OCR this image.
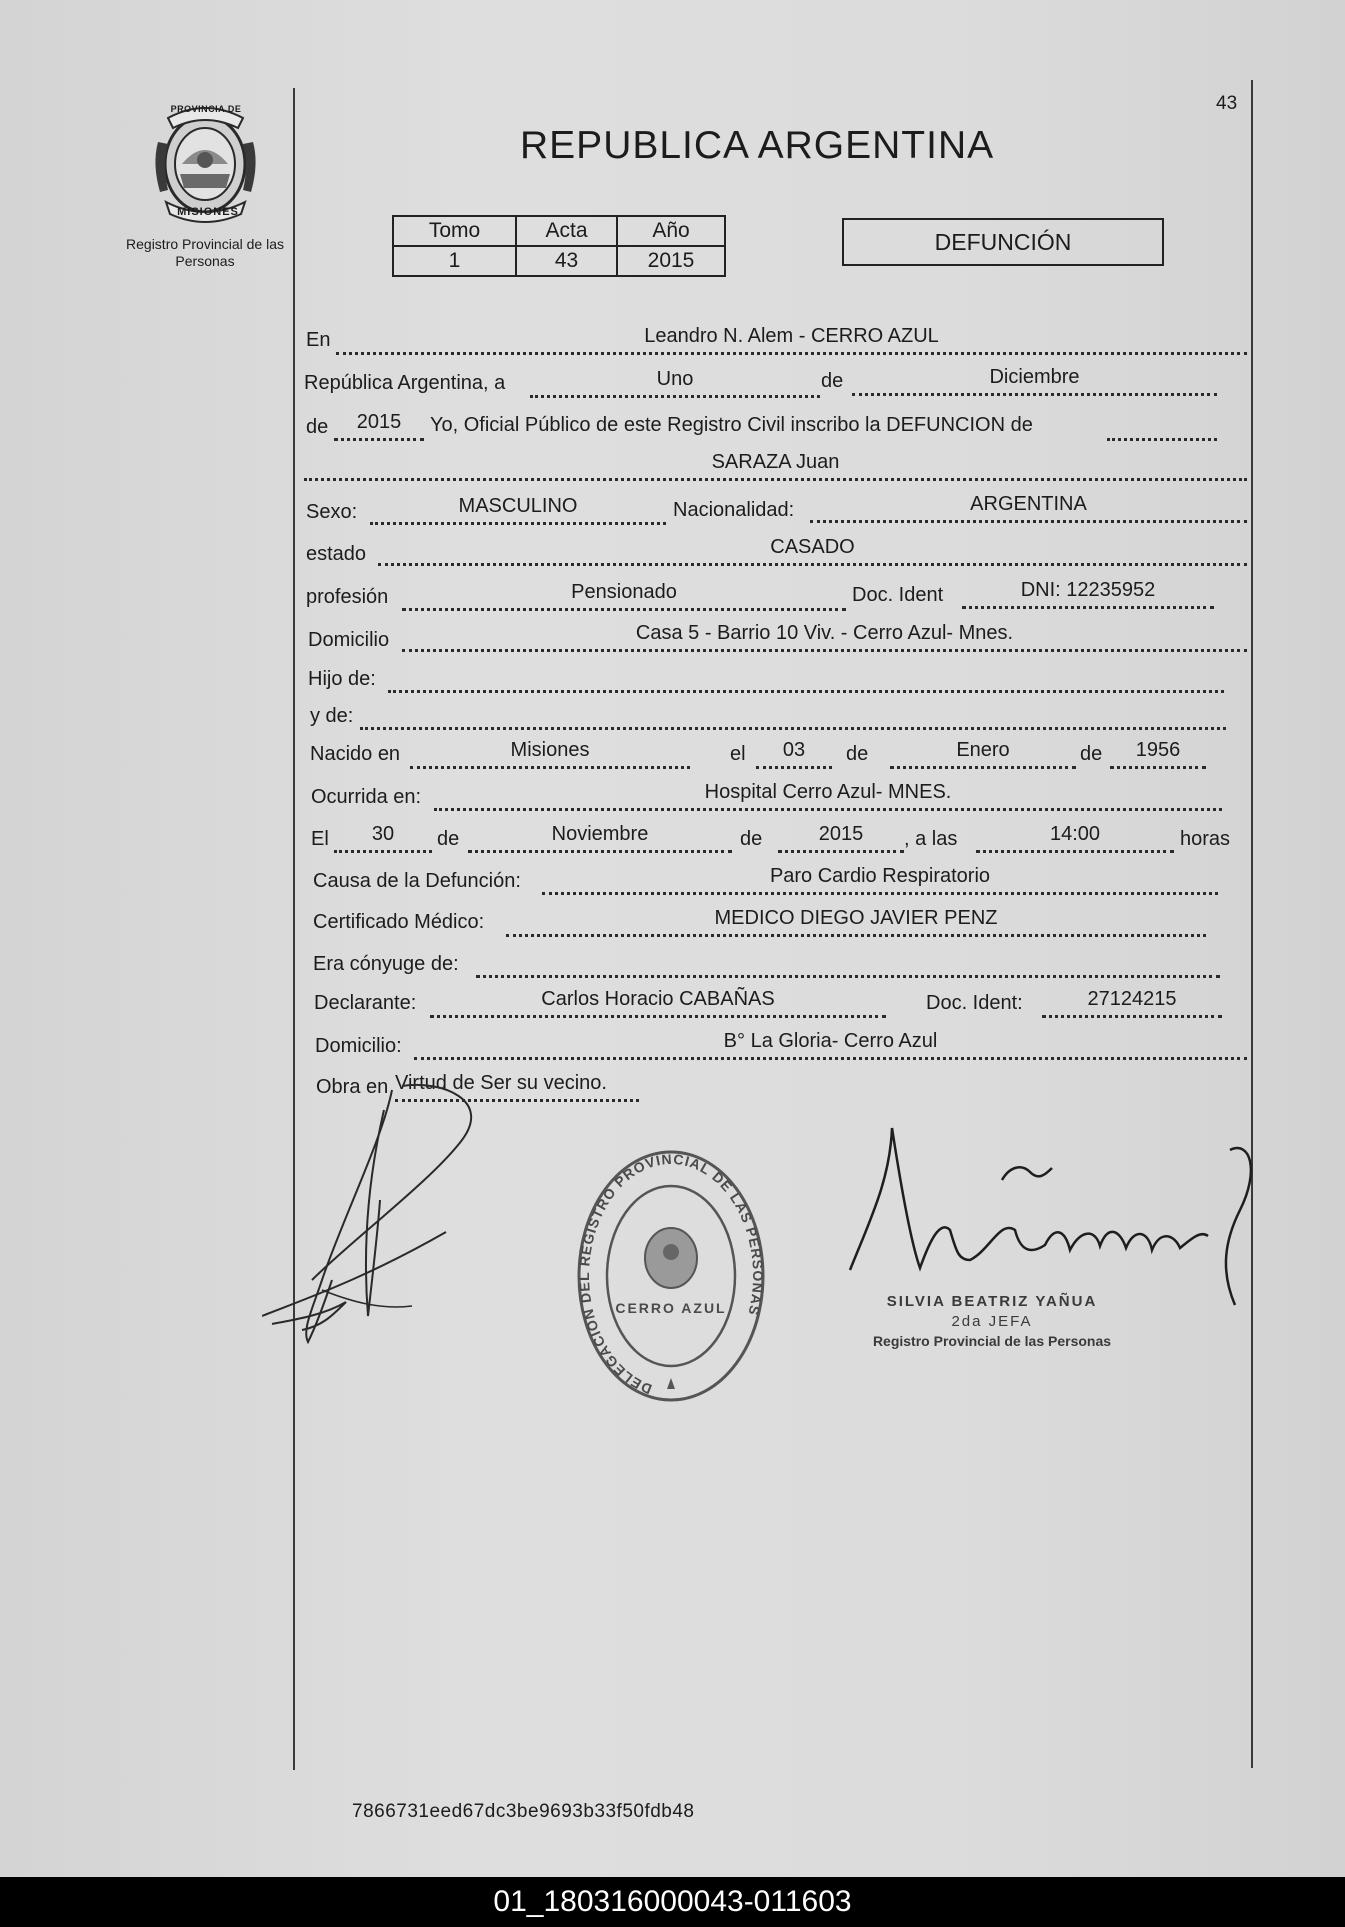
PROVINCIA DE
MISIONES
Registro Provincial de las Personas
43
REPUBLICA ARGENTINA
Tomo	Acta	Año
1	43	2015
DEFUNCIÓN
En	Leandro N. Alem - CERRO AZUL
República Argentina, a	Uno	de	Diciembre
de	2015	Yo, Oficial Público de este Registro Civil inscribo la DEFUNCION de
SARAZA Juan
Sexo:	MASCULINO	Nacionalidad:	ARGENTINA
estado	CASADO
profesión	Pensionado	Doc. Ident	DNI: 12235952
Domicilio	Casa 5 - Barrio 10 Viv. - Cerro Azul- Mnes.
Hijo de:
y de:
Nacido en	Misiones	el	03	de	Enero	de	1956
Ocurrida en:	Hospital Cerro Azul- MNES.
El	30	de	Noviembre	de	2015	, a las	14:00	horas
Causa de la Defunción:	Paro Cardio Respiratorio
Certificado Médico:	MEDICO DIEGO JAVIER PENZ
Era cónyuge de:
Declarante:	Carlos Horacio CABAÑAS	Doc. Ident:	27124215
Domicilio:	B° La Gloria- Cerro Azul
Obra en Virtud de Ser su vecino.
DELEGACION DEL REGISTRO PROVINCIAL DE LAS PERSONAS
CERRO AZUL	SILVIA BEATRIZ YAÑUA
2da JEFA
Registro Provincial de las Personas
7866731eed67dc3be9693b33f50fdb48
01_180316000043-011603
